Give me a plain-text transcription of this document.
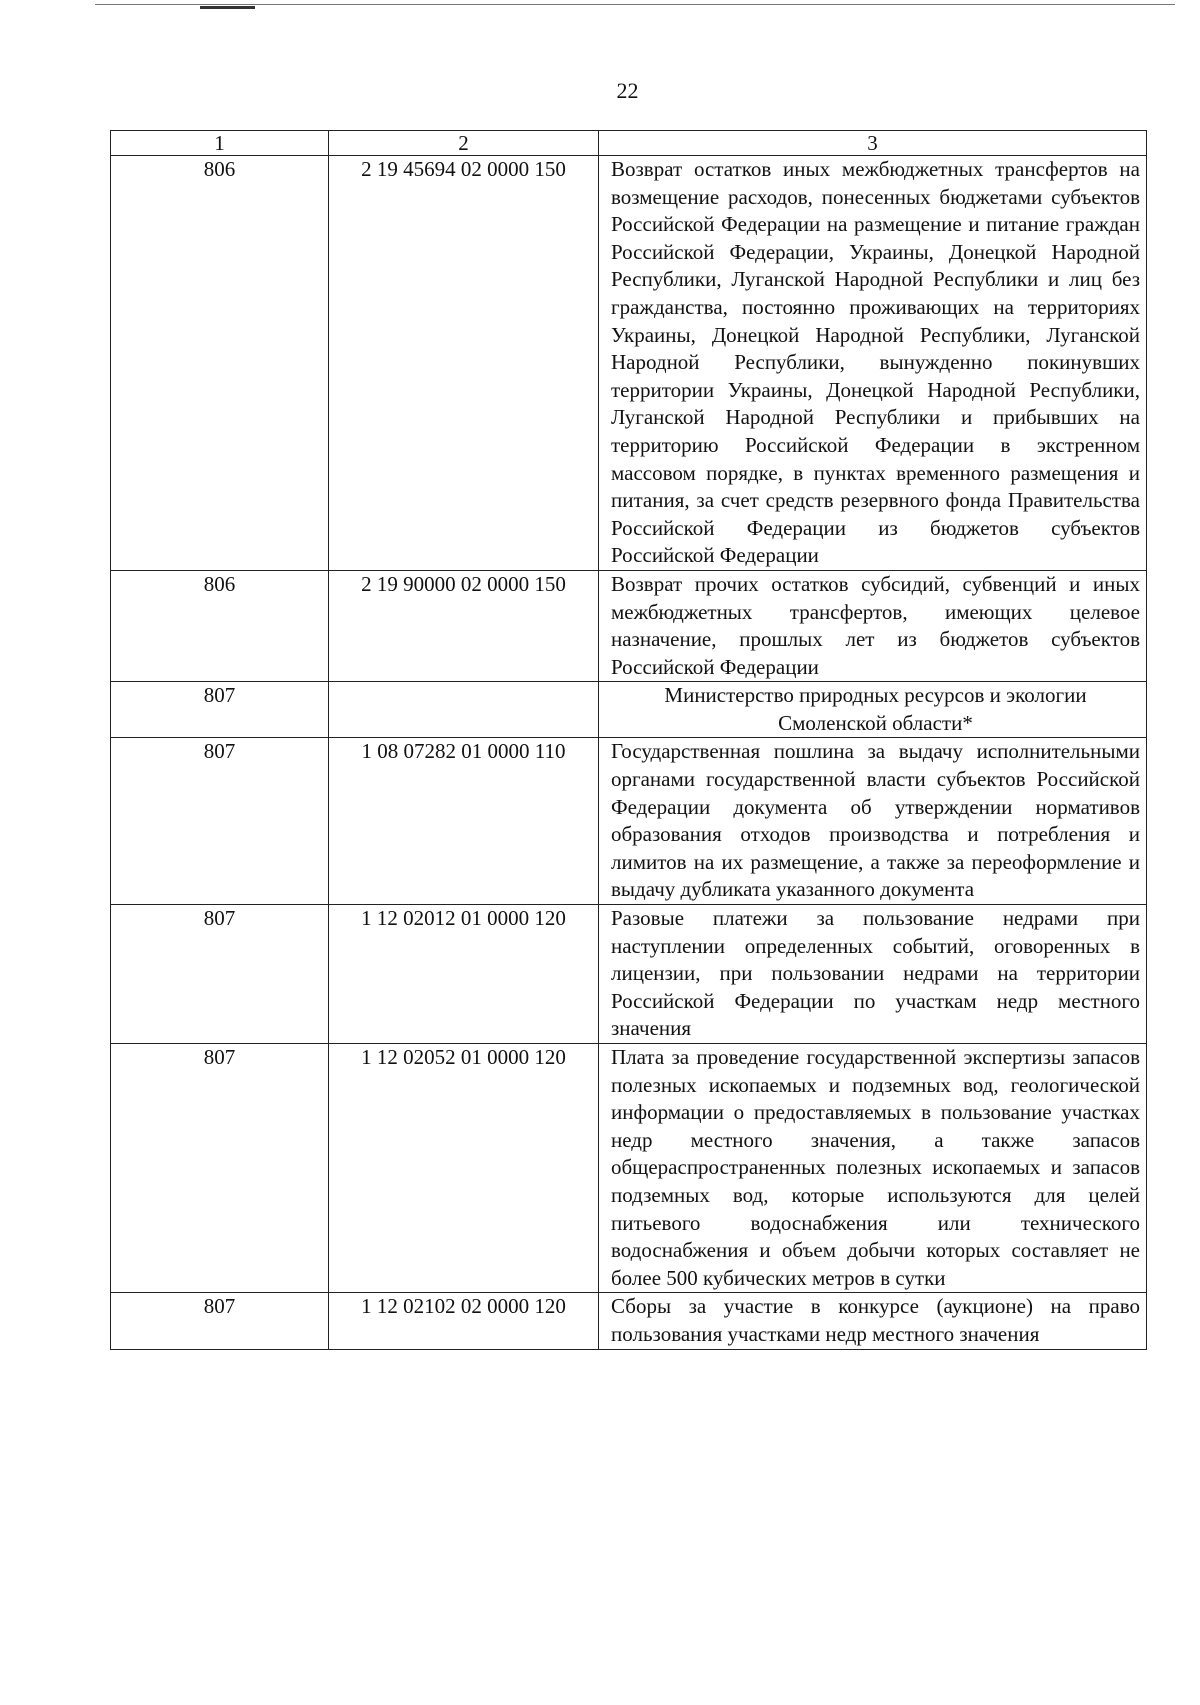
22
1	2	3
806	2 19 45694 02 0000 150	Возврат остатков иных межбюджетных трансфертов на возмещение расходов, понесенных бюджетами субъектов Российской Федерации на размещение и питание граждан Российской Федерации, Украины, Донецкой Народной Республики, Луганской Народной Республики и лиц без гражданства, постоянно проживающих на территориях Украины, Донецкой Народной Республики, Луганской Народной Республики, вынужденно покинувших территории Украины, Донецкой Народной Республики, Луганской Народной Республики и прибывших на территорию Российской Федерации в экстренном массовом порядке, в пунктах временного размещения и питания, за счет средств резервного фонда Правительства Российской Федерации из бюджетов субъектов Российской Федерации
806	2 19 90000 02 0000 150	Возврат прочих остатков субсидий, субвенций и иных межбюджетных трансфертов, имеющих целевое назначение, прошлых лет из бюджетов субъектов Российской Федерации
807		Министерство природных ресурсов и экологии Смоленской области*
807	1 08 07282 01 0000 110	Государственная пошлина за выдачу исполнительными органами государственной власти субъектов Российской Федерации документа об утверждении нормативов образования отходов производства и потребления и лимитов на их размещение, а также за переоформление и выдачу дубликата указанного документа
807	1 12 02012 01 0000 120	Разовые платежи за пользование недрами при наступлении определенных событий, оговоренных в лицензии, при пользовании недрами на территории Российской Федерации по участкам недр местного значения
807	1 12 02052 01 0000 120	Плата за проведение государственной экспертизы запасов полезных ископаемых и подземных вод, геологической информации о предоставляемых в пользование участках недр местного значения, а также запасов общераспространенных полезных ископаемых и запасов подземных вод, которые используются для целей питьевого водоснабжения или технического водоснабжения и объем добычи которых составляет не более 500 кубических метров в сутки
807	1 12 02102 02 0000 120	Сборы за участие в конкурсе (аукционе) на право пользования участками недр местного значения
